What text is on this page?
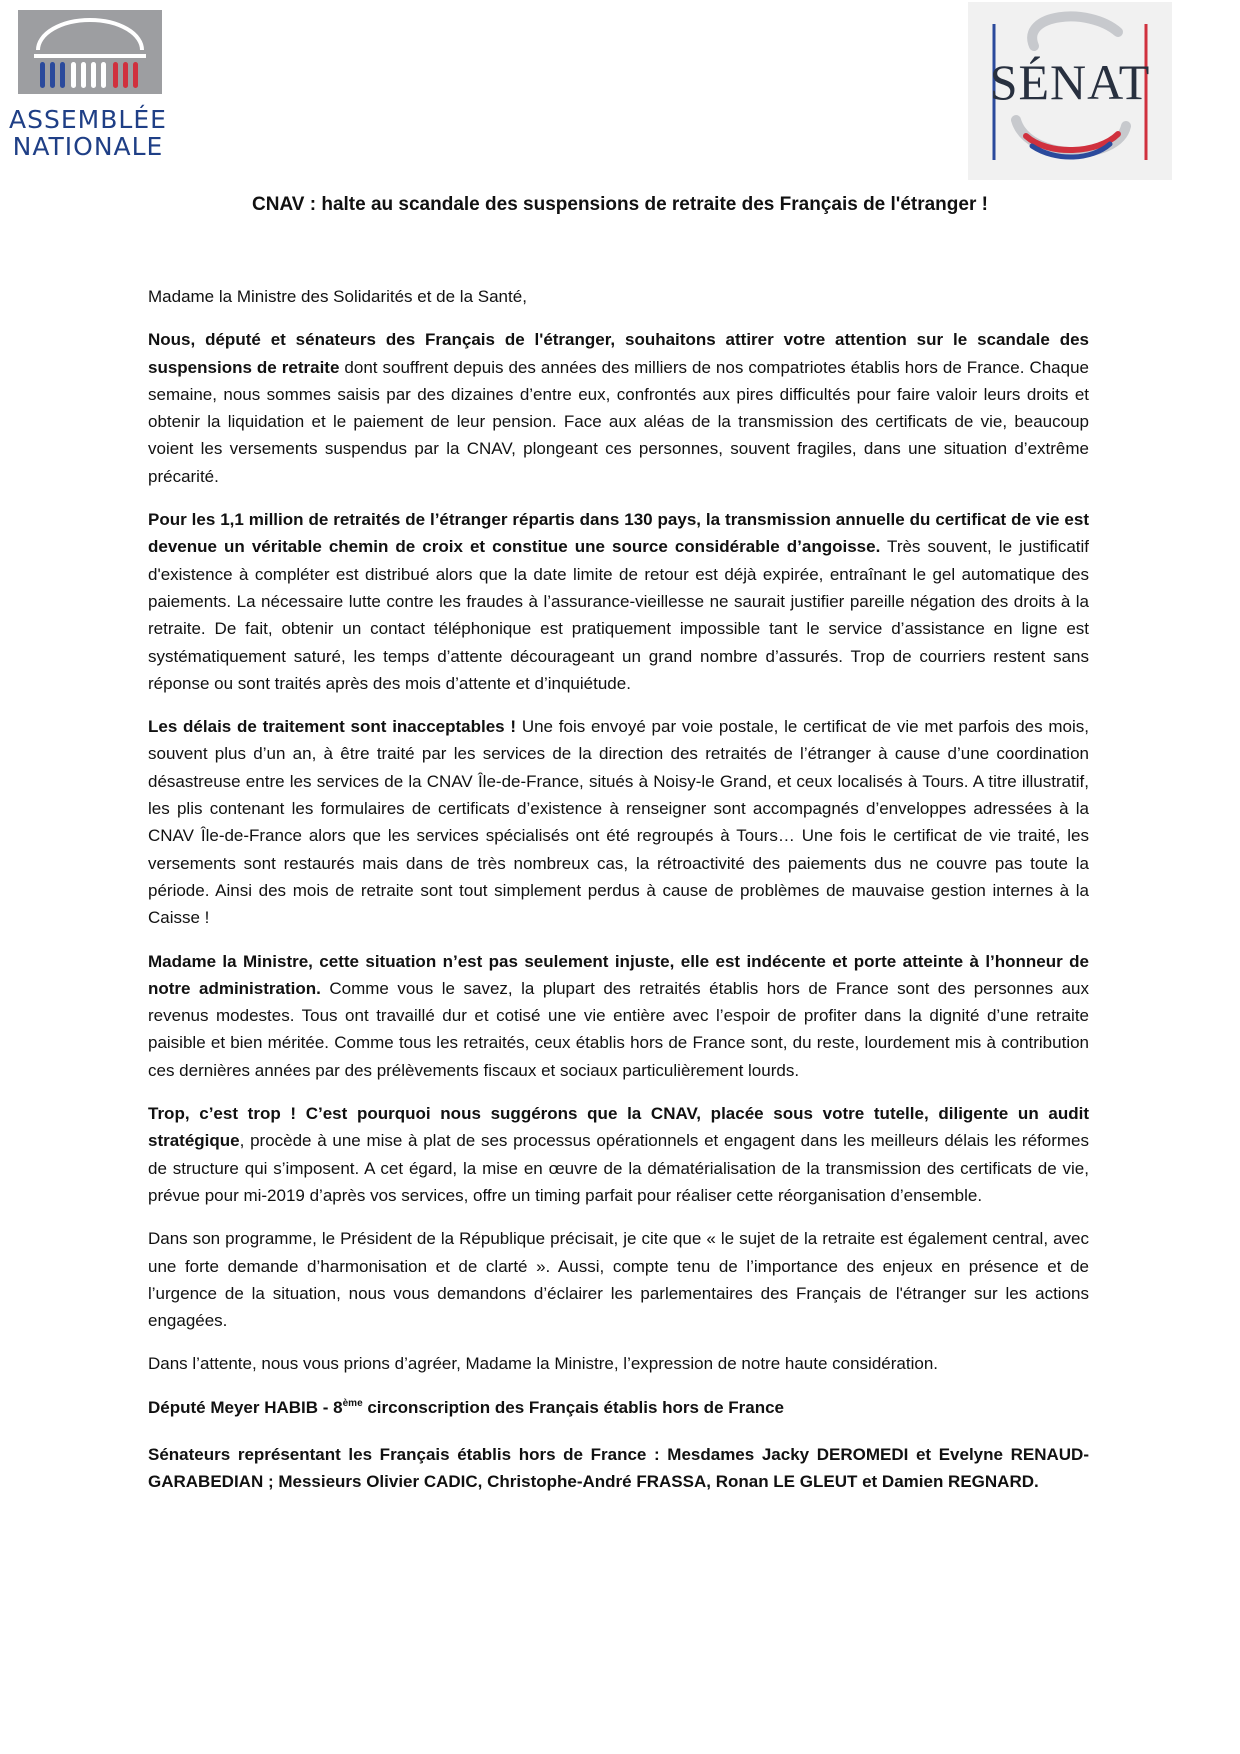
ASSEMBLÉE
NATIONALE
SÉNAT
CNAV : halte au scandale des suspensions de retraite des Français de l'étranger !

Madame la Ministre des Solidarités et de la Santé,

Nous, député et sénateurs des Français de l'étranger, souhaitons attirer votre attention sur le scandale des suspensions de retraite dont souffrent depuis des années des milliers de nos compatriotes établis hors de France. Chaque semaine, nous sommes saisis par des dizaines d’entre eux, confrontés aux pires difficultés pour faire valoir leurs droits et obtenir la liquidation et le paiement de leur pension. Face aux aléas de la transmission des certificats de vie, beaucoup voient les versements suspendus par la CNAV, plongeant ces personnes, souvent fragiles, dans une situation d’extrême précarité.

Pour les 1,1 million de retraités de l’étranger répartis dans 130 pays, la transmission annuelle du certificat de vie est devenue un véritable chemin de croix et constitue une source considérable d’angoisse. Très souvent, le justificatif d'existence à compléter est distribué alors que la date limite de retour est déjà expirée, entraînant le gel automatique des paiements. La nécessaire lutte contre les fraudes à l’assurance-vieillesse ne saurait justifier pareille négation des droits à la retraite. De fait, obtenir un contact téléphonique est pratiquement impossible tant le service d’assistance en ligne est systématiquement saturé, les temps d’attente décourageant un grand nombre d’assurés. Trop de courriers restent sans réponse ou sont traités après des mois d’attente et d’inquiétude.

Les délais de traitement sont inacceptables ! Une fois envoyé par voie postale, le certificat de vie met parfois des mois, souvent plus d’un an, à être traité par les services de la direction des retraités de l’étranger à cause d’une coordination désastreuse entre les services de la CNAV Île-de-France, situés à Noisy-le Grand, et ceux localisés à Tours. A titre illustratif, les plis contenant les formulaires de certificats d’existence à renseigner sont accompagnés d’enveloppes adressées à la CNAV Île-de-France alors que les services spécialisés ont été regroupés à Tours… Une fois le certificat de vie traité, les versements sont restaurés mais dans de très nombreux cas, la rétroactivité des paiements dus ne couvre pas toute la période. Ainsi des mois de retraite sont tout simplement perdus à cause de problèmes de mauvaise gestion internes à la Caisse !

Madame la Ministre, cette situation n’est pas seulement injuste, elle est indécente et porte atteinte à l’honneur de notre administration. Comme vous le savez, la plupart des retraités établis hors de France sont des personnes aux revenus modestes. Tous ont travaillé dur et cotisé une vie entière avec l’espoir de profiter dans la dignité d’une retraite paisible et bien méritée. Comme tous les retraités, ceux établis hors de France sont, du reste, lourdement mis à contribution ces dernières années par des prélèvements fiscaux et sociaux particulièrement lourds.

Trop, c’est trop ! C’est pourquoi nous suggérons que la CNAV, placée sous votre tutelle, diligente un audit stratégique, procède à une mise à plat de ses processus opérationnels et engagent dans les meilleurs délais les réformes de structure qui s’imposent. A cet égard, la mise en œuvre de la dématérialisation de la transmission des certificats de vie, prévue pour mi-2019 d’après vos services, offre un timing parfait pour réaliser cette réorganisation d’ensemble.

Dans son programme, le Président de la République précisait, je cite que « le sujet de la retraite est également central, avec une forte demande d’harmonisation et de clarté ». Aussi, compte tenu de l’importance des enjeux en présence et de l’urgence de la situation, nous vous demandons d’éclairer les parlementaires des Français de l'étranger sur les actions engagées.

Dans l’attente, nous vous prions d’agréer, Madame la Ministre, l’expression de notre haute considération.

Député Meyer HABIB - 8ème circonscription des Français établis hors de France

Sénateurs représentant les Français établis hors de France : Mesdames Jacky DEROMEDI et Evelyne RENAUD-GARABEDIAN ; Messieurs Olivier CADIC, Christophe-André FRASSA, Ronan LE GLEUT et Damien REGNARD.
